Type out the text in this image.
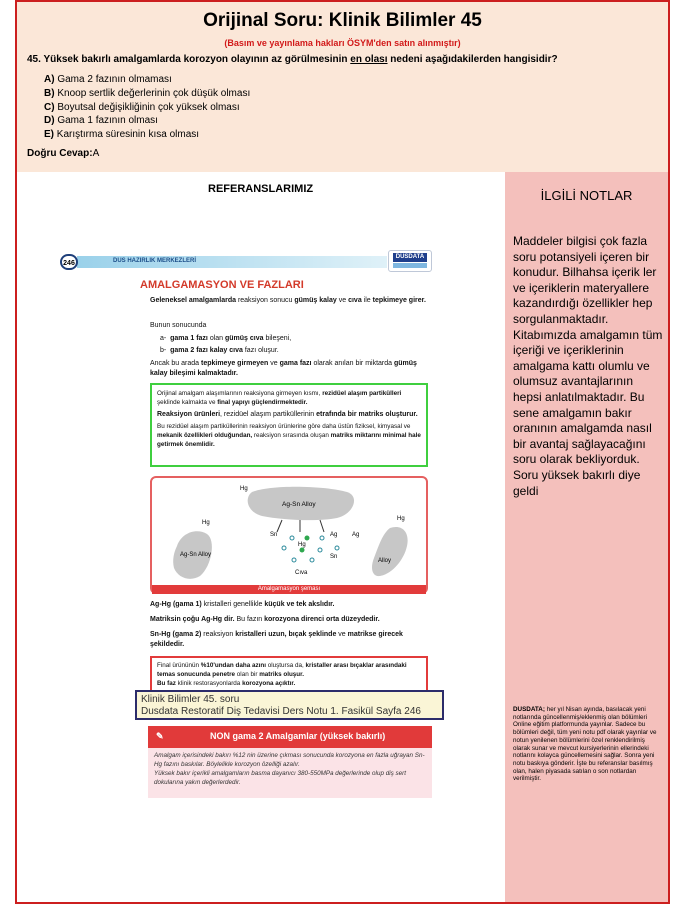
Orijinal Soru: Klinik Bilimler 45
(Basım ve yayınlama hakları ÖSYM'den satın alınmıştır)
45. Yüksek bakırlı amalgamlarda korozyon olayının az görülmesinin en olası nedeni aşağıdakilerden hangisidir?
A) Gama 2 fazının olmaması
B) Knoop sertlik değerlerinin çok düşük olması
C) Boyutsal değişikliğinin çok yüksek olması
D) Gama 1 fazının olması
E) Karıştırma süresinin kısa olması
Doğru Cevap:A
REFERANSLARIMIZ
246	DUS HAZIRLIK MERKEZLERİ
DUSDATA
AMALGAMASYON VE FAZLARI
Geleneksel amalgamlarda reaksiyon sonucu gümüş kalay ve cıva ile tepkimeye girer.
Bunun sonucunda
a- gama 1 fazı olan gümüş cıva bileşeni,
b- gama 2 fazı kalay cıva fazı oluşur.
Ancak bu arada tepkimeye girmeyen ve gama fazı olarak anılan bir miktarda gümüş kalay bileşimi kalmaktadır.
Orijinal amalgam alaşımlarının reaksiyona girmeyen kısmı, rezidüel alaşım partikülleri şeklinde kalmakta ve final yapıyı güçlendirmektedir.
Reaksiyon ürünleri, rezidüel alaşım partiküllerinin etrafında bir matriks oluşturur.
Bu rezidüel alaşım partiküllerinin reaksiyon ürünlerine göre daha üstün fiziksel, kimyasal ve mekanik özellikleri olduğundan, reaksiyon sırasında oluşan matriks miktarını minimal hale getirmek önemlidir.
Hg
Ag-Sn Alloy
Hg
Hg
Sn	Ag Ag
Hg
Sn
Cıva
Ag-Sn Alloy
Alloy
Amalgamasyon şeması
Ag-Hg (gama 1) kristalleri genellikle küçük ve tek akslıdır.
Matriksin çoğu Ag-Hg dir. Bu fazın korozyona direnci orta düzeydedir.
Sn-Hg (gama 2) reaksiyon kristalleri uzun, bıçak şeklinde ve matrikse girecek şekildedir.
Final ürününün %10'undan daha azını oluştursa da, kristaller arası bıçaklar arasındaki temas sonucunda penetre olan bir matriks oluşur.
Bu faz klinik restorasyonlarda korozyona açıktır.
Klinik Bilimler 45. soru
Dusdata Restoratif Diş Tedavisi Ders Notu 1. Fasikül Sayfa 246
✎	NON gama 2 Amalgamlar (yüksek bakırlı)
Amalgam içerisindeki bakırı %12 nin üzerine çıkması sonucunda korozyona en fazla uğrayan Sn-Hg fazını baskılar. Böylelikle korozyon özelliği azalır.
Yüksek bakır içerikli amalgamların basma dayanıcı 380-550MPa değerlerinde olup diş sert dokularına yakın değerlerdedir.
İLGİLİ NOTLAR
Maddeler bilgisi çok fazla soru potansiyeli içeren bir konudur. Bilhahsa içerik ler ve içeriklerin materyallere kazandırdığı özellikler hep sorgulanmaktadır. Kitabımızda amalgamın tüm içeriği ve içeriklerinin amalgama kattı olumlu ve olumsuz avantajlarının hepsi anlatılmaktadır. Bu sene amalgamın bakır oranının amalgamda nasıl bir avantaj sağlayacağını soru olarak bekliyorduk. Soru yüksek bakırlı diye geldi
DUSDATA; her yıl Nisan ayında, basılacak yeni notlarında güncellenmiş/eklenmiş olan bölümleri Online eğitim platformunda yayınlar. Sadece bu bölümleri değil, tüm yeni notu pdf olarak yayınlar ve notun yenilenen bölümlerini özel renklendirilmiş olarak sunar ve mevcut kursiyerlerinin ellerindeki notlarını kolayca güncellemesini sağlar. Sonra yeni notu baskıya gönderir. İşte bu referanslar basılmış olan, halen piyasada satılan o son notlardan verilmiştir.
